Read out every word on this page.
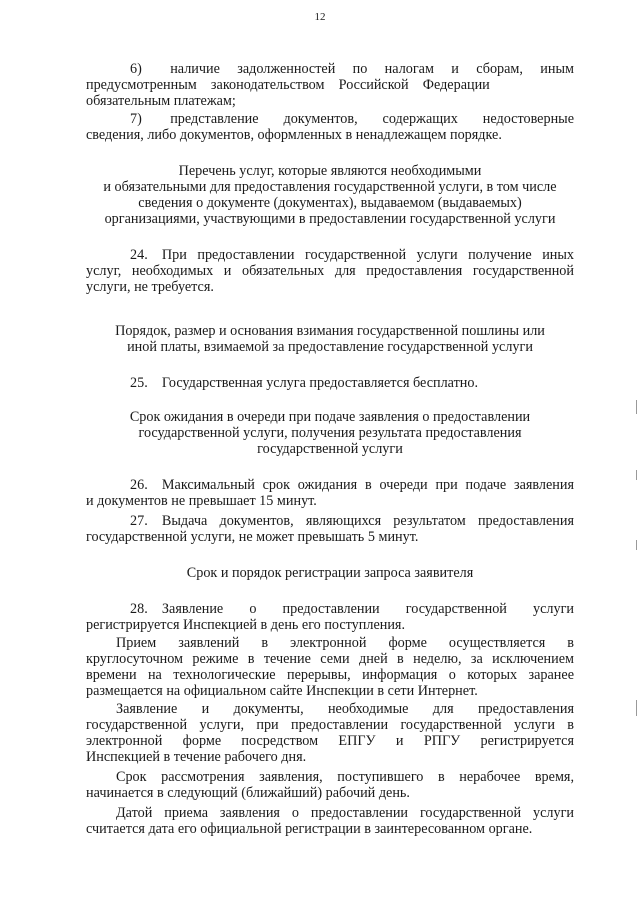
12
6)  наличие задолженностей по налогам и сборам, иным
предусмотренным законодательством Российской Федерации
обязательным платежам;
7)  представление документов, содержащих недостоверные
сведения, либо документов, оформленных в ненадлежащем порядке.
Перечень услуг, которые являются необходимыми
и обязательными для предоставления государственной услуги, в том числе
сведения о документе (документах), выдаваемом (выдаваемых)
организациями, участвующими в предоставлении государственной услуги
24. При предоставлении государственной услуги получение иных
услуг, необходимых и обязательных для предоставления государственной
услуги, не требуется.
Порядок, размер и основания взимания государственной пошлины или
иной платы, взимаемой за предоставление государственной услуги
25. Государственная услуга предоставляется бесплатно.
Срок ожидания в очереди при подаче заявления о предоставлении
государственной услуги, получения результата предоставления
государственной услуги
26. Максимальный срок ожидания в очереди при подаче заявления
и документов не превышает 15 минут.
27. Выдача документов, являющихся результатом предоставления
государственной услуги, не может превышать 5 минут.
Срок и порядок регистрации запроса заявителя
28. Заявление о предоставлении государственной услуги
регистрируется Инспекцией в день его поступления.
Прием заявлений в электронной форме осуществляется в
круглосуточном режиме в течение семи дней в неделю, за исключением
времени на технологические перерывы, информация о которых заранее
размещается на официальном сайте Инспекции в сети Интернет.
Заявление и документы, необходимые для предоставления
государственной услуги, при предоставлении государственной услуги в
электронной форме посредством ЕПГУ и РПГУ регистрируется
Инспекцией в течение рабочего дня.
Срок рассмотрения заявления, поступившего в нерабочее время,
начинается в следующий (ближайший) рабочий день.
Датой приема заявления о предоставлении государственной услуги
считается дата его официальной регистрации в заинтересованном органе.
